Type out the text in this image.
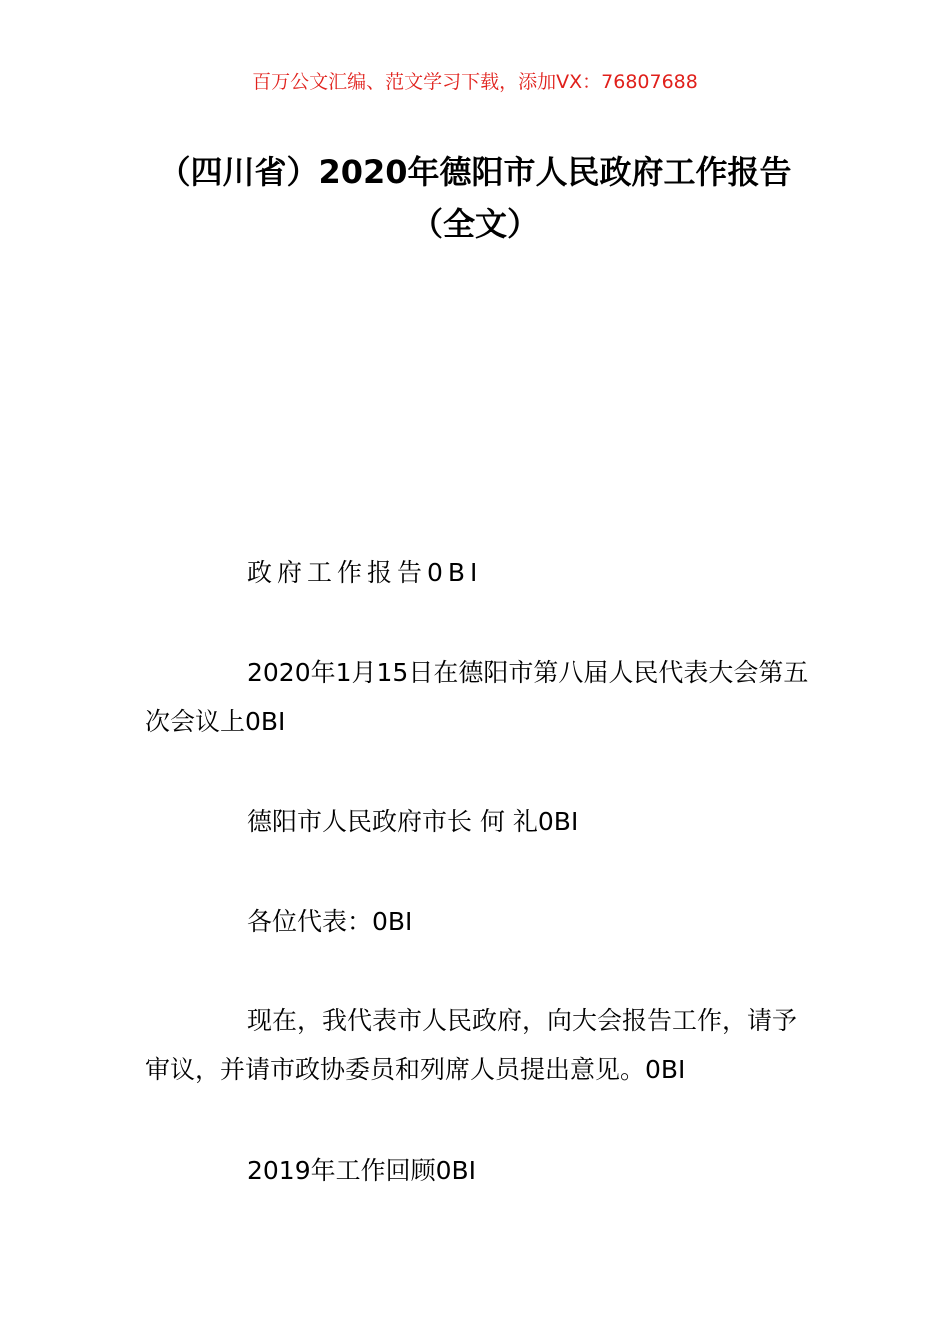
百万公文汇编、范文学习下载，添加VX：76807688
（四川省）2020年德阳市人民政府工作报告（全文）

政府工作报告0BI

2020年1月15日在德阳市第八届人民代表大会第五次会议上0BI

德阳市人民政府市长 何 礼0BI

各位代表：0BI

现在，我代表市人民政府，向大会报告工作，请予审议，并请市政协委员和列席人员提出意见。0BI

2019年工作回顾0BI
